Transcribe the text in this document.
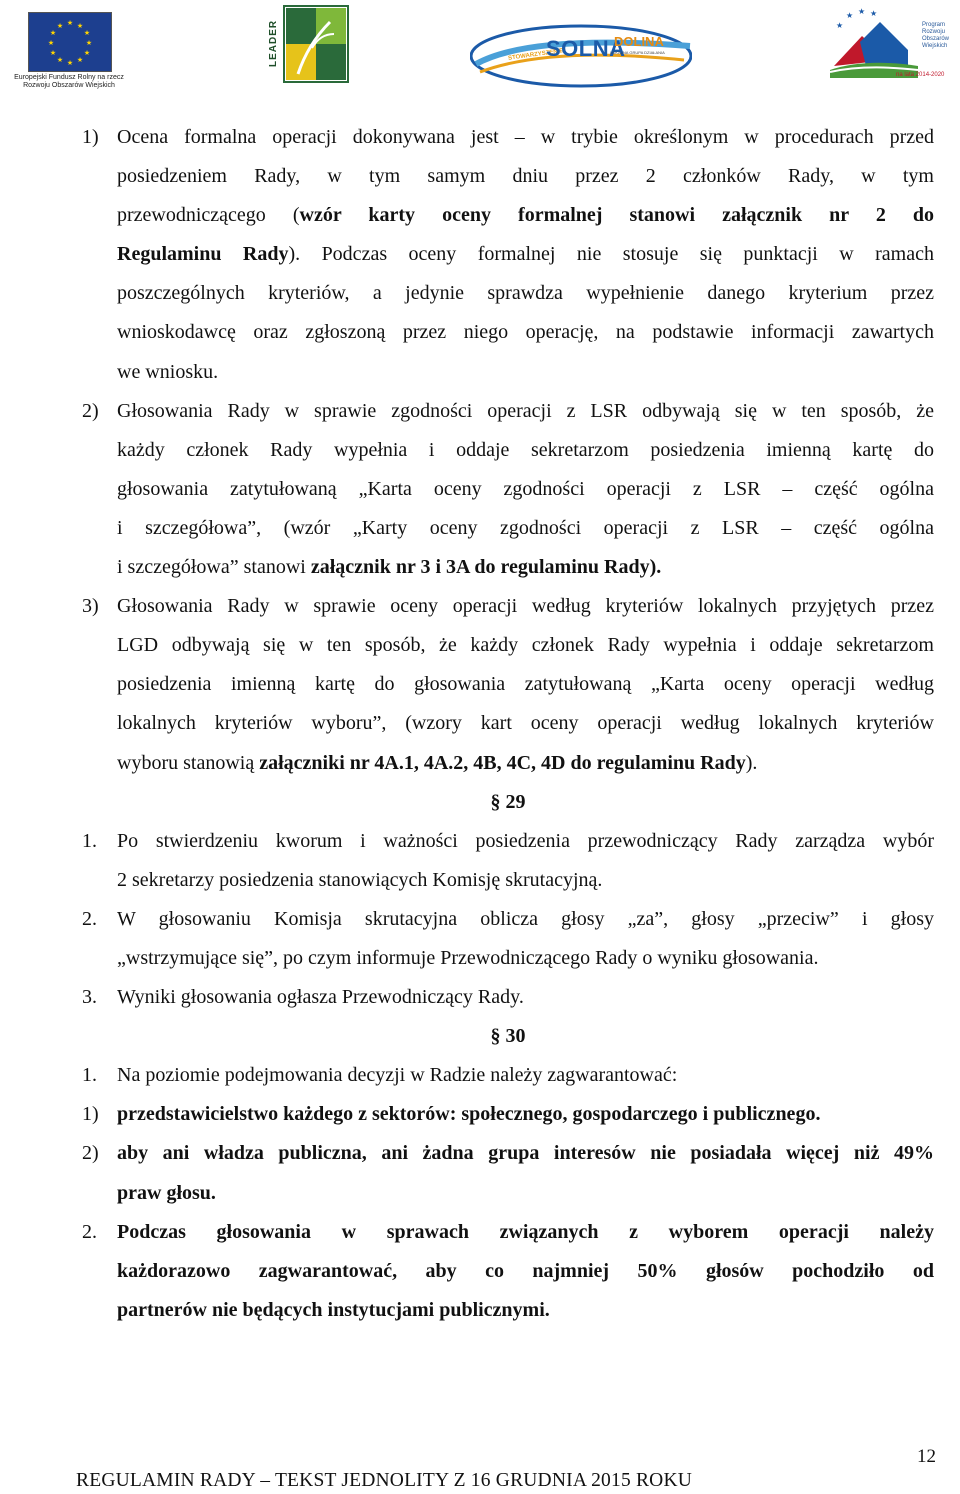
★ ★
★
★
★
★
★
★
★
★
★
★
Europejski Fundusz Rolny na rzecz Rozwoju Obszarów Wiejskich
LEADER	STOWARZYSZENIE
SOLNA
DOLINA
LOKALNA GRUPA DZIAŁANIA
★ ★ ★
★	Program Rozwoju Obszarów Wiejskich
na lata 2014-2020
1) Ocena formalna operacji dokonywana jest – w trybie określonym w procedurach przed
posiedzeniem Rady, w tym samym dniu przez 2 członków Rady, w tym
przewodniczącego (wzór karty oceny formalnej stanowi załącznik nr 2 do
Regulaminu Rady). Podczas oceny formalnej nie stosuje się punktacji w ramach
poszczególnych kryteriów, a jedynie sprawdza wypełnienie danego kryterium przez
wnioskodawcę oraz zgłoszoną przez niego operację, na podstawie informacji zawartych
we wniosku.
2) Głosowania Rady w sprawie zgodności operacji z LSR odbywają się w ten sposób, że
każdy członek Rady wypełnia i oddaje sekretarzom posiedzenia imienną kartę do
głosowania zatytułowaną „Karta oceny zgodności operacji z LSR – część ogólna
i szczegółowa”, (wzór „Karty oceny zgodności operacji z LSR – część ogólna
i szczegółowa” stanowi załącznik nr 3 i 3A do regulaminu Rady).
3) Głosowania Rady w sprawie oceny operacji według kryteriów lokalnych przyjętych przez
LGD odbywają się w ten sposób, że każdy członek Rady wypełnia i oddaje sekretarzom
posiedzenia imienną kartę do głosowania zatytułowaną „Karta oceny operacji według
lokalnych kryteriów wyboru”, (wzory kart oceny operacji według lokalnych kryteriów
wyboru stanowią załączniki nr 4A.1, 4A.2, 4B, 4C, 4D do regulaminu Rady).
§ 29
1. Po stwierdzeniu kworum i ważności posiedzenia przewodniczący Rady zarządza wybór
2 sekretarzy posiedzenia stanowiących Komisję skrutacyjną.
2. W głosowaniu Komisja skrutacyjna oblicza głosy „za”, głosy „przeciw” i głosy
„wstrzymujące się”, po czym informuje Przewodniczącego Rady o wyniku głosowania.
3. Wyniki głosowania ogłasza Przewodniczący Rady.
§ 30
1. Na poziomie podejmowania decyzji w Radzie należy zagwarantować:
1) przedstawicielstwo każdego z sektorów: społecznego, gospodarczego i publicznego.
2) aby ani władza publiczna, ani żadna grupa interesów nie posiadała więcej niż 49%
praw głosu.
2. Podczas głosowania w sprawach związanych z wyborem operacji należy
każdorazowo zagwarantować, aby co najmniej 50% głosów pochodziło od
partnerów nie będących instytucjami publicznymi.
12
REGULAMIN RADY – TEKST JEDNOLITY Z 16 GRUDNIA 2015 ROKU
